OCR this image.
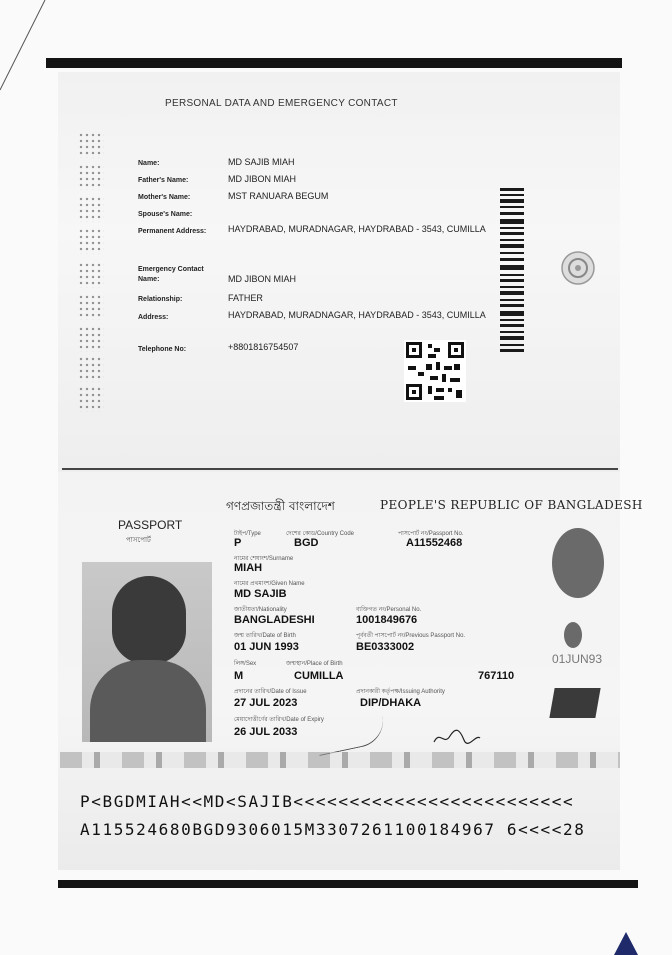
PERSONAL DATA AND EMERGENCY CONTACT
Name:	MD SAJIB MIAH
Father's Name:	MD JIBON MIAH
Mother's Name:	MST RANUARA BEGUM
Spouse's Name:
Permanent Address: HAYDRABAD, MURADNAGAR, HAYDRABAD - 3543, CUMILLA
Emergency Contact
Name:	MD JIBON MIAH
Relationship:	FATHER
Address:	HAYDRABAD, MURADNAGAR, HAYDRABAD - 3543, CUMILLA
Telephone No:	+8801816754507
গণপ্রজাতন্ত্রী বাংলাদেশ	PEOPLE'S REPUBLIC OF BANGLADESH
PASSPORT
পাসপোর্ট
টাইপ/Type	দেশের কোড/Country Code	পাসপোর্ট নং/Passport No.
P	BGD	A11552468
নামের শেষাংশ/Surname
MIAH
নামের প্রথমাংশ/Given Name
MD SAJIB
জাতীয়তা/Nationality	ব্যক্তিগত নং/Personal No.
BANGLADESHI	1001849676
জন্ম তারিখ/Date of Birth	পূর্ববর্তী পাসপোর্ট নং/Previous Passport No.
01 JUN 1993	BE0333002
লিঙ্গ/Sex	জন্মস্থান/Place of Birth
M	CUMILLA	767110
প্রদানের তারিখ/Date of Issue	প্রদানকারী কর্তৃপক্ষ/Issuing Authority
27 JUL 2023	DIP/DHAKA
মেয়াদোত্তীর্ণের তারিখ/Date of Expiry
26 JUL 2033
01JUN93
P<BGDMIAH<<MD<SAJIB<<<<<<<<<<<<<<<<<<<<<<<<<
A115524680BGD9306015M3307261100184967 6<<<<28
